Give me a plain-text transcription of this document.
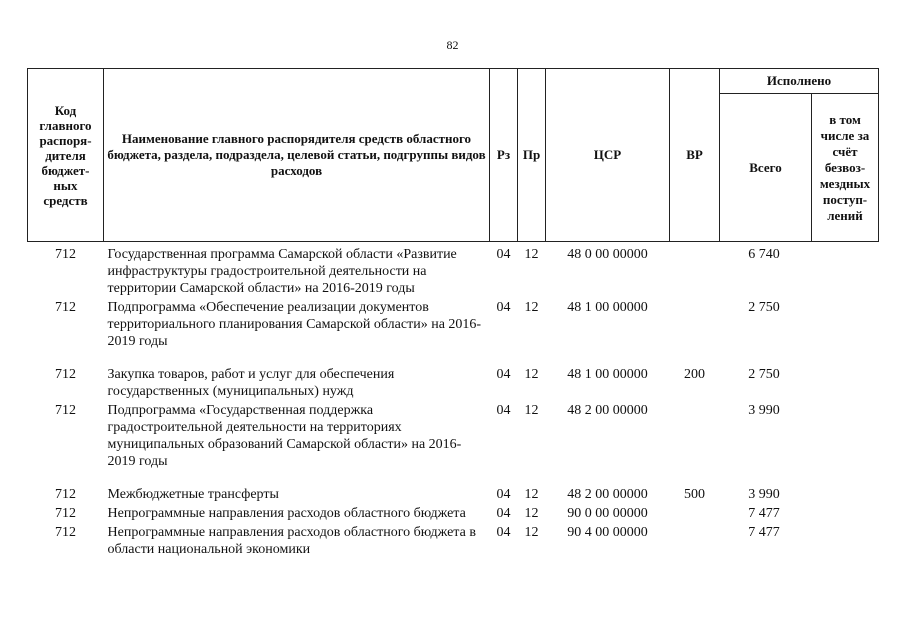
82
Код главного распоря-дителя бюджет-ных средств	Наименование главного распорядителя средств областного бюджета, раздела, подраздела, целевой статьи, подгруппы видов расходов	Рз	Пр	ЦСР	ВР	Исполнено	
						Всего	в том числе за счёт безвоз-мездных поступ-лений

712	Государственная программа Самарской области «Развитие инфраструктуры градостроительной деятельности на территории Самарской области» на 2016-2019 годы	04	12	48 0 00 00000		6 740	
712	Подпрограмма «Обеспечение реализации документов территориального планирования Самарской области» на 2016-2019 годы	04	12	48 1 00 00000		2 750	
712	Закупка товаров, работ и услуг для обеспечения государственных (муниципальных) нужд	04	12	48 1 00 00000	200	2 750	
712	Подпрограмма «Государственная поддержка градостроительной деятельности на территориях муниципальных образований Самарской области» на 2016-2019 годы	04	12	48 2 00 00000		3 990	
712	Межбюджетные трансферты	04	12	48 2 00 00000	500	3 990	
712	Непрограммные направления расходов областного бюджета	04	12	90 0 00 00000		7 477	
712	Непрограммные направления расходов областного бюджета в области национальной экономики	04	12	90 4 00 00000		7 477	
